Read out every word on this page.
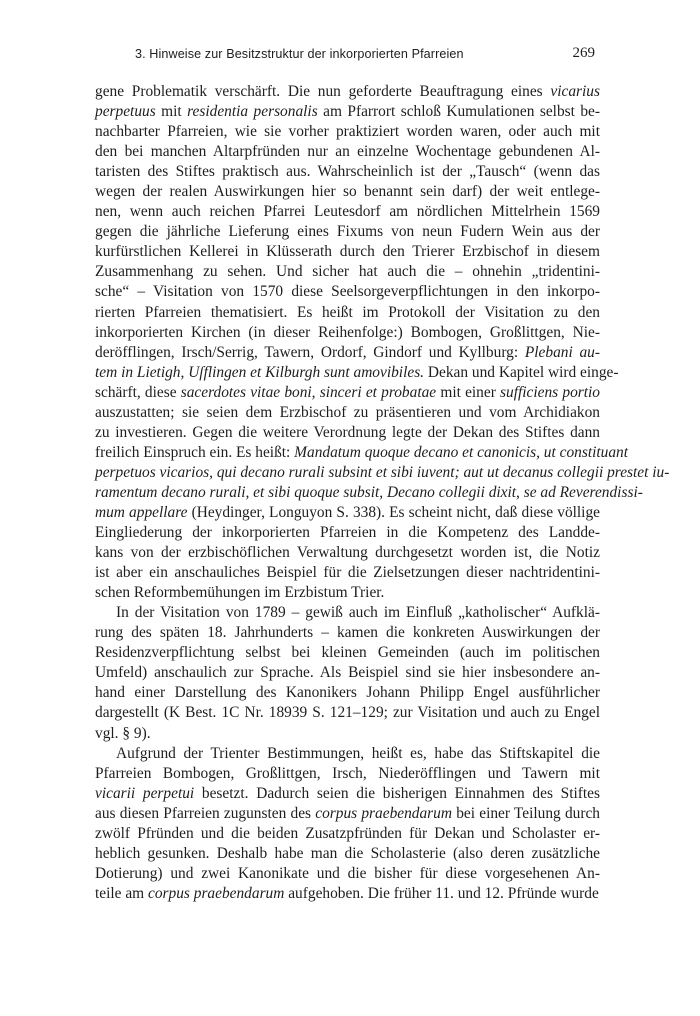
3. Hinweise zur Besitzstruktur der inkorporierten Pfarreien	269
gene Problematik verschärft. Die nun geforderte Beauftragung eines vicarius
perpetuus mit residentia personalis am Pfarrort schloß Kumulationen selbst be-
nachbarter Pfarreien, wie sie vorher praktiziert worden waren, oder auch mit
den bei manchen Altarpfründen nur an einzelne Wochentage gebundenen Al-
taristen des Stiftes praktisch aus. Wahrscheinlich ist der „Tausch“ (wenn das
wegen der realen Auswirkungen hier so benannt sein darf) der weit entlege-
nen, wenn auch reichen Pfarrei Leutesdorf am nördlichen Mittelrhein 1569
gegen die jährliche Lieferung eines Fixums von neun Fudern Wein aus der
kurfürstlichen Kellerei in Klüsserath durch den Trierer Erzbischof in diesem
Zusammenhang zu sehen. Und sicher hat auch die – ohnehin „tridentini-
sche“ – Visitation von 1570 diese Seelsorgeverpflichtungen in den inkorpo-
rierten Pfarreien thematisiert. Es heißt im Protokoll der Visitation zu den
inkorporierten Kirchen (in dieser Reihenfolge:) Bombogen, Großlittgen, Nie-
deröfflingen, Irsch/Serrig, Tawern, Ordorf, Gindorf und Kyllburg: Plebani au-
tem in Lietigh, Uſflingen et Kilburgh sunt amovibiles. Dekan und Kapitel wird einge-
schärft, diese sacerdotes vitae boni, sinceri et probatae mit einer sufficiens portio
auszustatten; sie seien dem Erzbischof zu präsentieren und vom Archidiakon
zu investieren. Gegen die weitere Verordnung legte der Dekan des Stiftes dann
freilich Einspruch ein. Es heißt: Mandatum quoque decano et canonicis, ut constituant
perpetuos vicarios, qui decano rurali subsint et sibi iuvent; aut ut decanus collegii prestet iu-
ramentum decano rurali, et sibi quoque subsit, Decano collegii dixit, se ad Reverendissi-
mum appellare (Heydinger, Longuyon S. 338). Es scheint nicht, daß diese völlige
Eingliederung der inkorporierten Pfarreien in die Kompetenz des Landde-
kans von der erzbischöflichen Verwaltung durchgesetzt worden ist, die Notiz
ist aber ein anschauliches Beispiel für die Zielsetzungen dieser nachtridentini-
schen Reformbemühungen im Erzbistum Trier.
In der Visitation von 1789 – gewiß auch im Einfluß „katholischer“ Aufklä-
rung des späten 18. Jahrhunderts – kamen die konkreten Auswirkungen der
Residenzverpflichtung selbst bei kleinen Gemeinden (auch im politischen
Umfeld) anschaulich zur Sprache. Als Beispiel sind sie hier insbesondere an-
hand einer Darstellung des Kanonikers Johann Philipp Engel ausführlicher
dargestellt (K Best. 1C Nr. 18939 S. 121–129; zur Visitation und auch zu Engel
vgl. § 9).
Aufgrund der Trienter Bestimmungen, heißt es, habe das Stiftskapitel die
Pfarreien Bombogen, Großlittgen, Irsch, Niederöfflingen und Tawern mit
vicarii perpetui besetzt. Dadurch seien die bisherigen Einnahmen des Stiftes
aus diesen Pfarreien zugunsten des corpus praebendarum bei einer Teilung durch
zwölf Pfründen und die beiden Zusatzpfründen für Dekan und Scholaster er-
heblich gesunken. Deshalb habe man die Scholasterie (also deren zusätzliche
Dotierung) und zwei Kanonikate und die bisher für diese vorgesehenen An-
teile am corpus praebendarum aufgehoben. Die früher 11. und 12. Pfründe wurde
